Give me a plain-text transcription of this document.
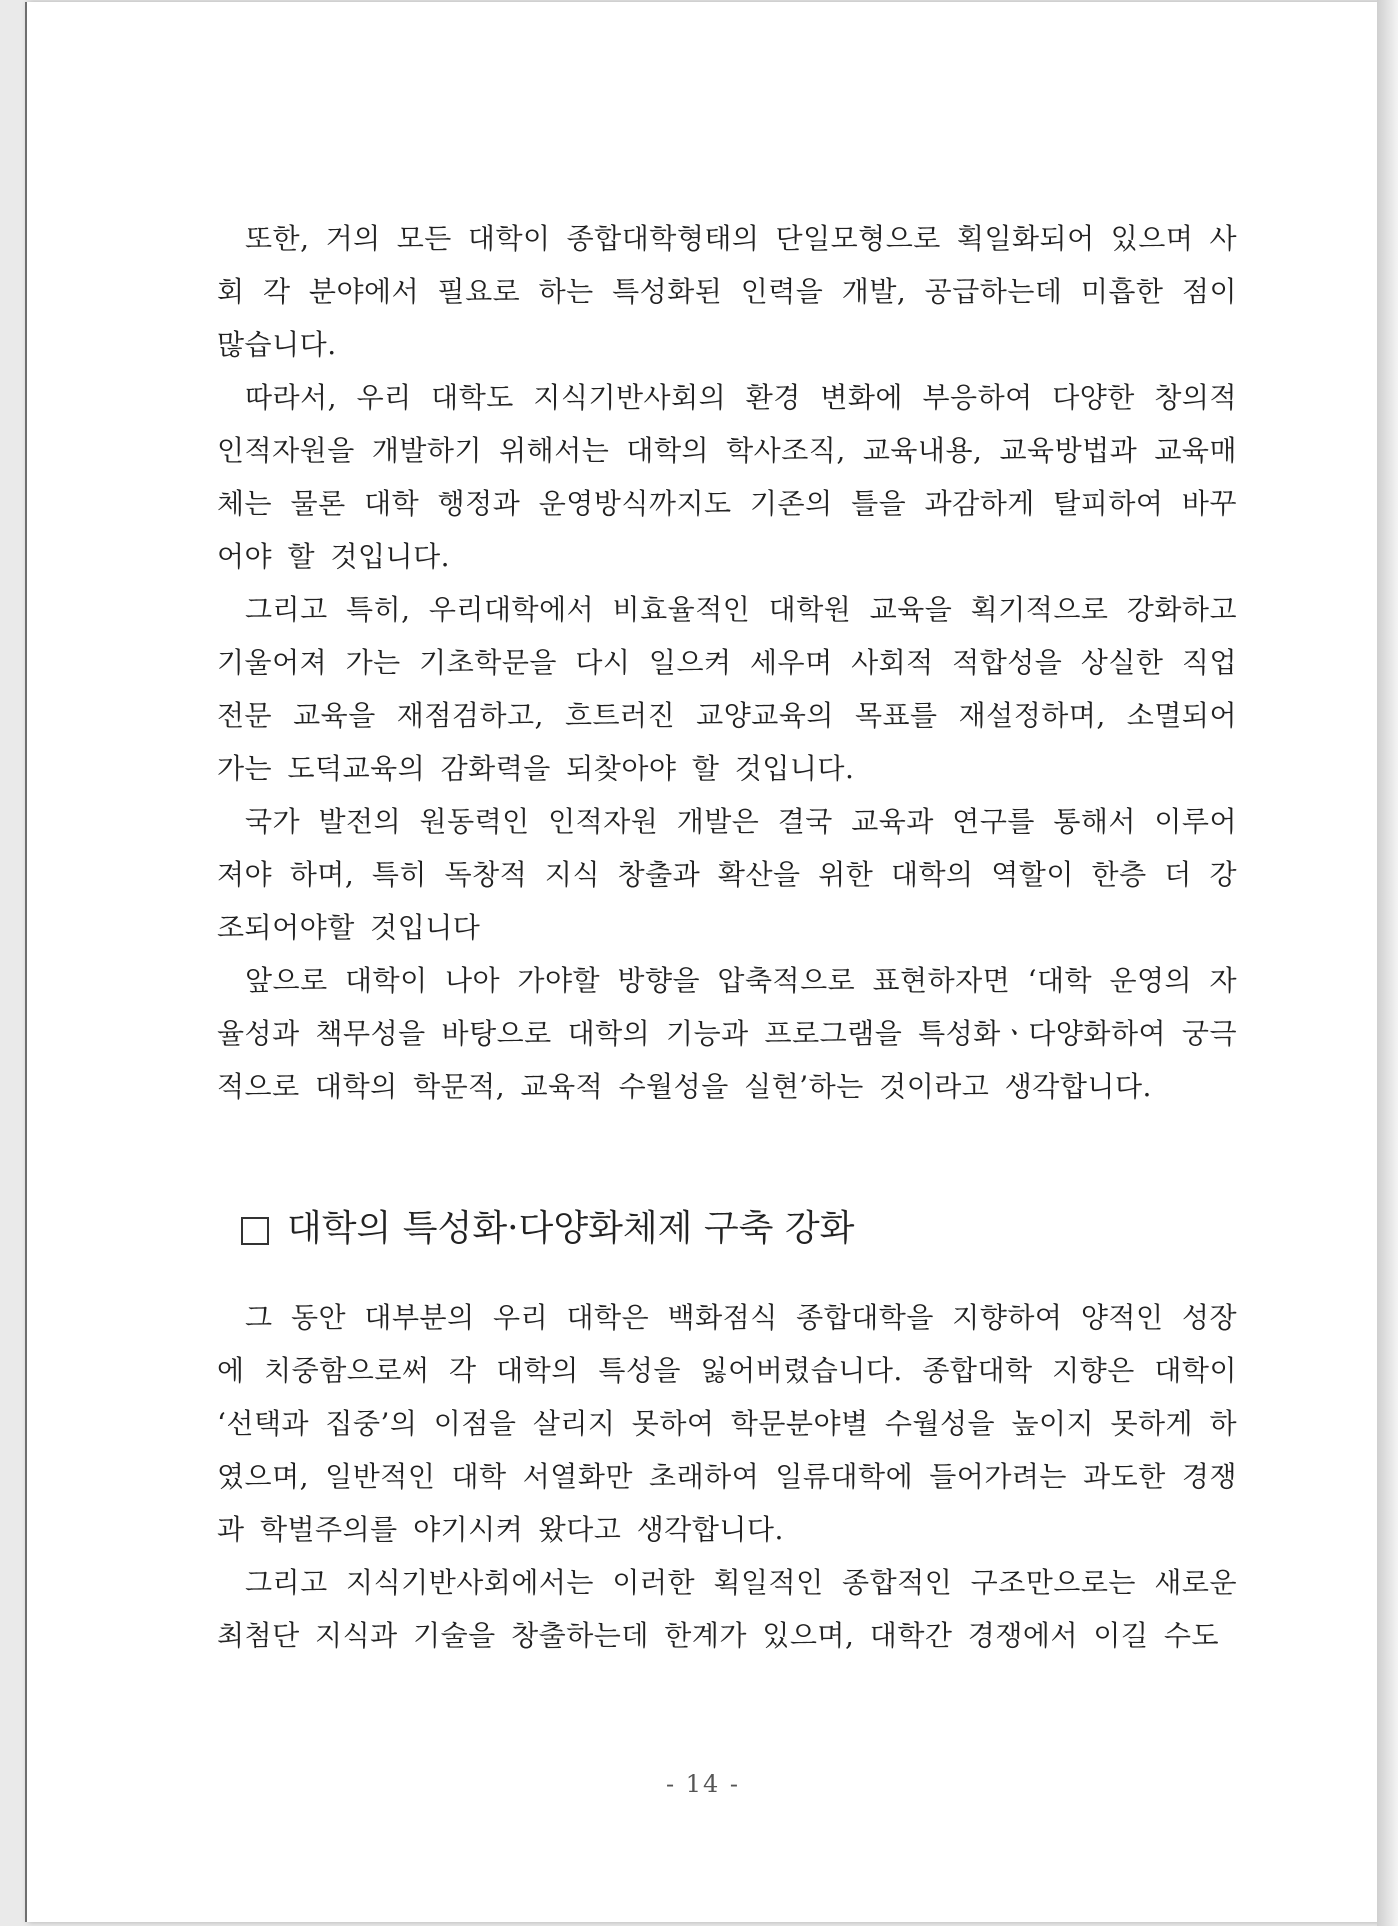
또한, 거의 모든 대학이 종합대학형태의 단일모형으로 획일화되어 있으며 사회 각 분야에서 필요로 하는 특성화된 인력을 개발, 공급하는데 미흡한 점이 많습니다.

따라서, 우리 대학도 지식기반사회의 환경 변화에 부응하여 다양한 창의적 인적자원을 개발하기 위해서는 대학의 학사조직, 교육내용, 교육방법과 교육매체는 물론 대학 행정과 운영방식까지도 기존의 틀을 과감하게 탈피하여 바꾸어야 할 것입니다.

그리고 특히, 우리대학에서 비효율적인 대학원 교육을 획기적으로 강화하고 기울어져 가는 기초학문을 다시 일으켜 세우며 사회적 적합성을 상실한 직업전문 교육을 재점검하고, 흐트러진 교양교육의 목표를 재설정하며, 소멸되어 가는 도덕교육의 감화력을 되찾아야 할 것입니다.

국가 발전의 원동력인 인적자원 개발은 결국 교육과 연구를 통해서 이루어져야 하며, 특히 독창적 지식 창출과 확산을 위한 대학의 역할이 한층 더 강조되어야할 것입니다

앞으로 대학이 나아 가야할 방향을 압축적으로 표현하자면 ‘대학 운영의 자율성과 책무성을 바탕으로 대학의 기능과 프로그램을 특성화ㆍ다양화하여 궁극적으로 대학의 학문적, 교육적 수월성을 실현’하는 것이라고 생각합니다.

대학의 특성화·다양화체제 구축 강화

그 동안 대부분의 우리 대학은 백화점식 종합대학을 지향하여 양적인 성장에 치중함으로써 각 대학의 특성을 잃어버렸습니다. 종합대학 지향은 대학이 ‘선택과 집중’의 이점을 살리지 못하여 학문분야별 수월성을 높이지 못하게 하였으며, 일반적인 대학 서열화만 초래하여 일류대학에 들어가려는 과도한 경쟁과 학벌주의를 야기시켜 왔다고 생각합니다.

그리고 지식기반사회에서는 이러한 획일적인 종합적인 구조만으로는 새로운 최첨단 지식과 기술을 창출하는데 한계가 있으며, 대학간 경쟁에서 이길 수도

- 14 -
